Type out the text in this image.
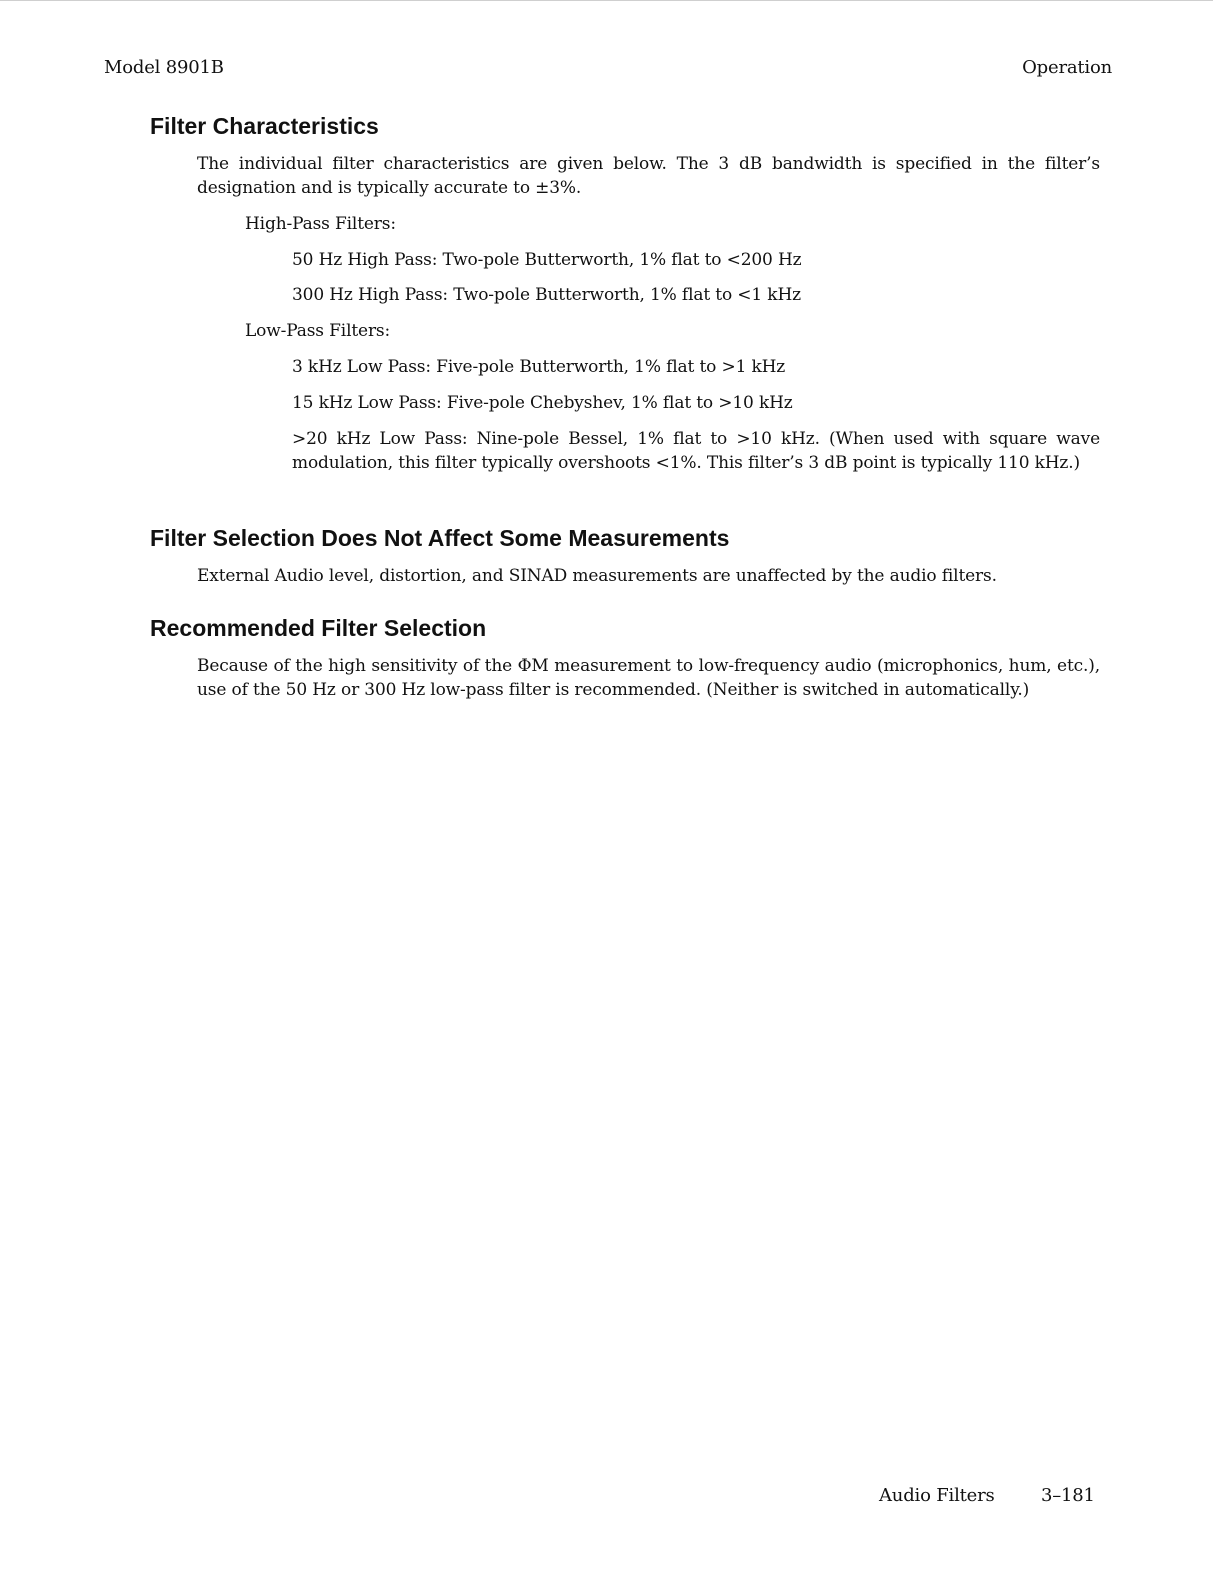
Model 8901B	Operation
Filter Characteristics

The individual filter characteristics are given below. The 3 dB bandwidth is specified in the filter’s designation and is typically accurate to ±3%.

High-Pass Filters:

50 Hz High Pass: Two-pole Butterworth, 1% flat to <200 Hz

300 Hz High Pass: Two-pole Butterworth, 1% flat to <1 kHz

Low-Pass Filters:

3 kHz Low Pass: Five-pole Butterworth, 1% flat to >1 kHz

15 kHz Low Pass: Five-pole Chebyshev, 1% flat to >10 kHz

>20 kHz Low Pass: Nine-pole Bessel, 1% flat to >10 kHz. (When used with square wave modulation, this filter typically overshoots <1%. This filter’s 3 dB point is typically 110 kHz.)

Filter Selection Does Not Affect Some Measurements

External Audio level, distortion, and SINAD measurements are unaffected by the audio filters.

Recommended Filter Selection

Because of the high sensitivity of the ΦM measurement to low-frequency audio (microphonics, hum, etc.), use of the 50 Hz or 300 Hz low-pass filter is recommended. (Neither is switched in automatically.)

Audio Filters	3–181
